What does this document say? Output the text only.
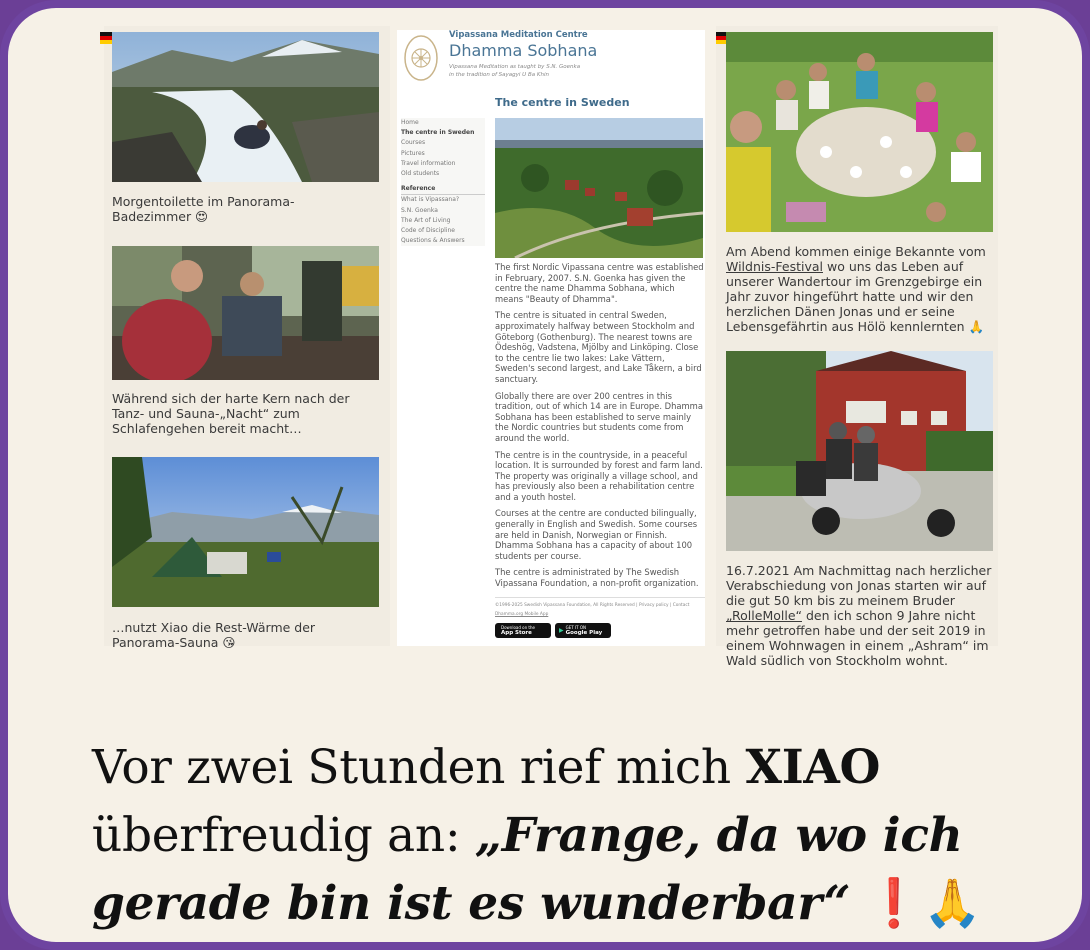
Morgentoilette im Panorama-Badezimmer 😍
Während sich der harte Kern nach der Tanz- und Sauna-„Nacht“ zum Schlafengehen bereit macht…
…nutzt Xiao die Rest-Wärme der Panorama-Sauna 😘
Vipassana Meditation Centre
Dhamma Sobhana
Vipassana Meditation as taught by S.N. Goenka
in the tradition of Sayagyi U Ba Khin
Home
The centre in Sweden
Courses
Pictures
Travel information
Old students
Reference
What is Vipassana?
S.N. Goenka
The Art of Living
Code of Discipline
Questions & Answers
The centre in Sweden

The first Nordic Vipassana centre was established in February, 2007. S.N. Goenka has given the centre the name Dhamma Sobhana, which means "Beauty of Dhamma".

The centre is situated in central Sweden, approximately halfway between Stockholm and Göteborg (Gothenburg). The nearest towns are Ödeshög, Vadstena, Mjölby and Linköping. Close to the centre lie two lakes: Lake Vättern, Sweden's second largest, and Lake Tåkern, a bird sanctuary.

Globally there are over 200 centres in this tradition, out of which 14 are in Europe. Dhamma Sobhana has been established to serve mainly the Nordic countries but students come from around the world.

The centre is in the countryside, in a peaceful location. It is surrounded by forest and farm land. The property was originally a village school, and has previously also been a rehabilitation centre and a youth hostel.

Courses at the centre are conducted bilingually, generally in English and Swedish. Some courses are held in Danish, Norwegian or Finnish. Dhamma Sobhana has a capacity of about 100 students per course.

The centre is administrated by The Swedish Vipassana Foundation, a non-profit organization.

©1996-2025 Swedish Vipassana Foundation, All Rights Reserved | Privacy policy | Contact
Dhamma.org Mobile App
Download on the
App Store	▶ GET IT ON
Google Play
Am Abend kommen einige Bekannte vom Wildnis-Festival wo uns das Leben auf unserer Wandertour im Grenzgebirge ein Jahr zuvor hingeführt hatte und wir den herzlichen Dänen Jonas und er seine Lebensgefährtin aus Hölö kennlernten 🙏
16.7.2021 Am Nachmittag nach herzlicher Verabschiedung von Jonas starten wir auf die gut 50 km bis zu meinem Bruder „RolleMolle“ den ich schon 9 Jahre nicht mehr getroffen habe und der seit 2019 in einem Wohnwagen in einem „Ashram“ im Wald südlich von Stockholm wohnt.
Vor zwei Stunden rief mich XIAO
überfreudig an: „Frange, da wo ich
gerade bin ist es wunderbar“ ❗🙏
